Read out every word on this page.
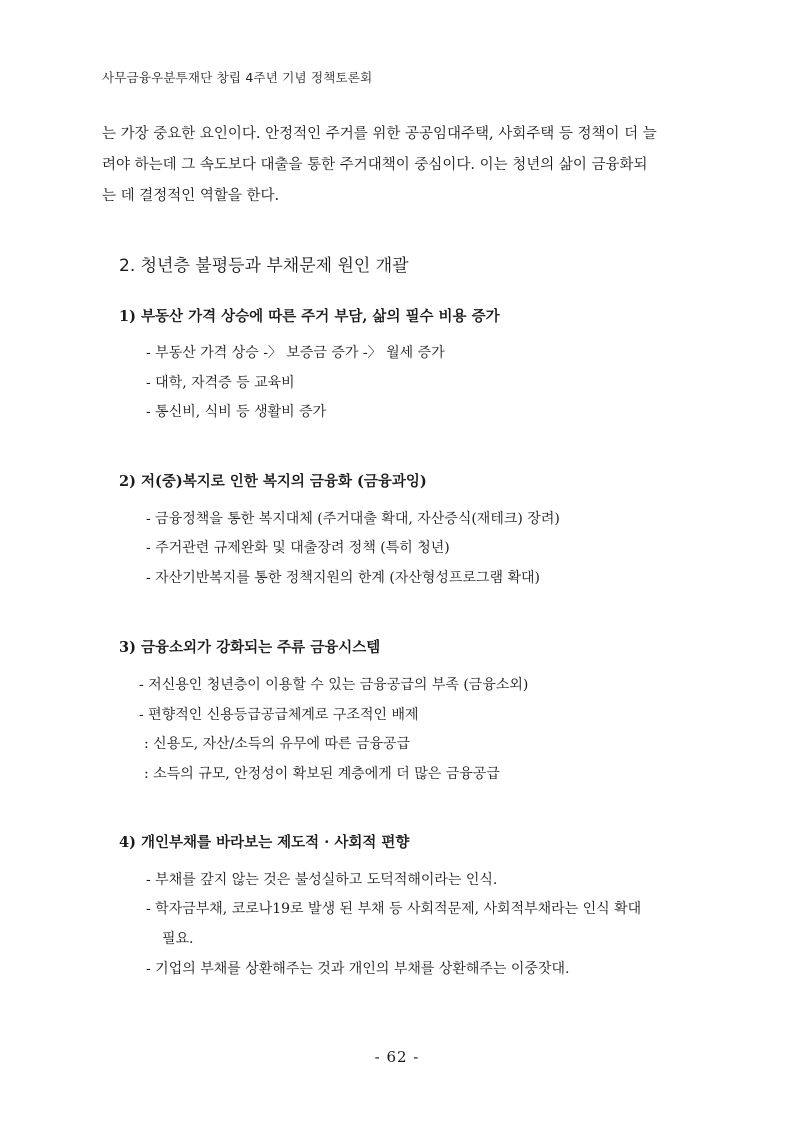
사무금융우분투재단 창립 4주년 기념 정책토론회

는 가장 중요한 요인이다. 안정적인 주거를 위한 공공임대주택, 사회주택 등 정책이 더 늘
려야 하는데 그 속도보다 대출을 통한 주거대책이 중심이다. 이는 청년의 삶이 금융화되
는 데 결정적인 역할을 한다.

2. 청년층 불평등과 부채문제 원인 개괄
1) 부동산 가격 상승에 따른 주거 부담, 삶의 필수 비용 증가

- 부동산 가격 상승 -〉 보증금 증가 -〉 월세 증가

- 대학, 자격증 등 교육비

- 통신비, 식비 등 생활비 증가

2) 저(중)복지로 인한 복지의 금융화 (금융과잉)

- 금융정책을 통한 복지대체 (주거대출 확대, 자산증식(재테크) 장려)

- 주거관련 규제완화 및 대출장려 정책 (특히 청년)

- 자산기반복지를 통한 정책지원의 한계 (자산형성프로그램 확대)

3) 금융소외가 강화되는 주류 금융시스템

- 저신용인 청년층이 이용할 수 있는 금융공급의 부족 (금융소외)

- 편향적인 신용등급공급체계로 구조적인 배제

: 신용도, 자산/소득의 유무에 따른 금융공급

: 소득의 규모, 안정성이 확보된 계층에게 더 많은 금융공급

4) 개인부채를 바라보는 제도적 · 사회적 편향

- 부채를 갚지 않는 것은 불성실하고 도덕적해이라는 인식.

- 학자금부채, 코로나19로 발생 된 부채 등 사회적문제, 사회적부채라는 인식 확대

필요.

- 기업의 부채를 상환해주는 것과 개인의 부채를 상환해주는 이중잣대.

- 62 -
